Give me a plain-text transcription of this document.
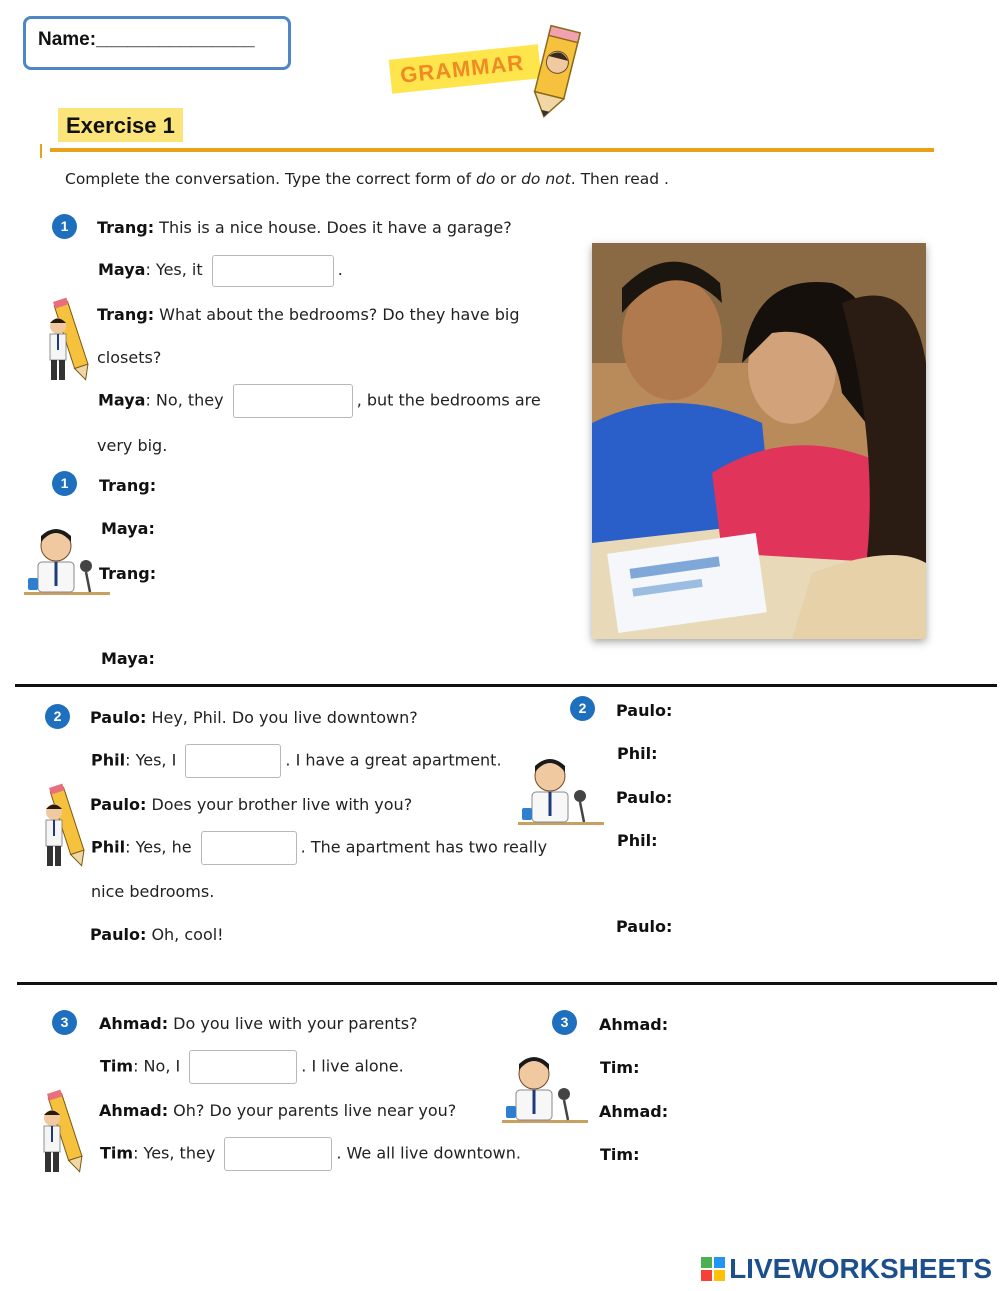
Name:_______________
GRAMMAR
Exercise 1
Complete the conversation. Type the correct form of do or do not. Then read .
1	Trang: This is a nice house. Does it have a garage?
Maya: Yes, it	.
Trang: What about the bedrooms? Do they have big
closets?
Maya: No, they	, but the bedrooms are
very big.
1	Trang:
Maya:
Trang:
Maya:
2	Paulo: Hey, Phil. Do you live downtown?
Phil: Yes, I	. I have a great apartment.
Paulo: Does your brother live with you?
Phil: Yes, he	. The apartment has two really
nice bedrooms.
Paulo: Oh, cool!
2	Paulo:
Phil:
Paulo:
Phil:
Paulo:
3	Ahmad: Do you live with your parents?
Tim: No, I	. I live alone.
Ahmad: Oh? Do your parents live near you?
Tim: Yes, they	. We all live downtown.
3	Ahmad:
Tim:
Ahmad:
Tim:
LIVEWORKSHEETS
